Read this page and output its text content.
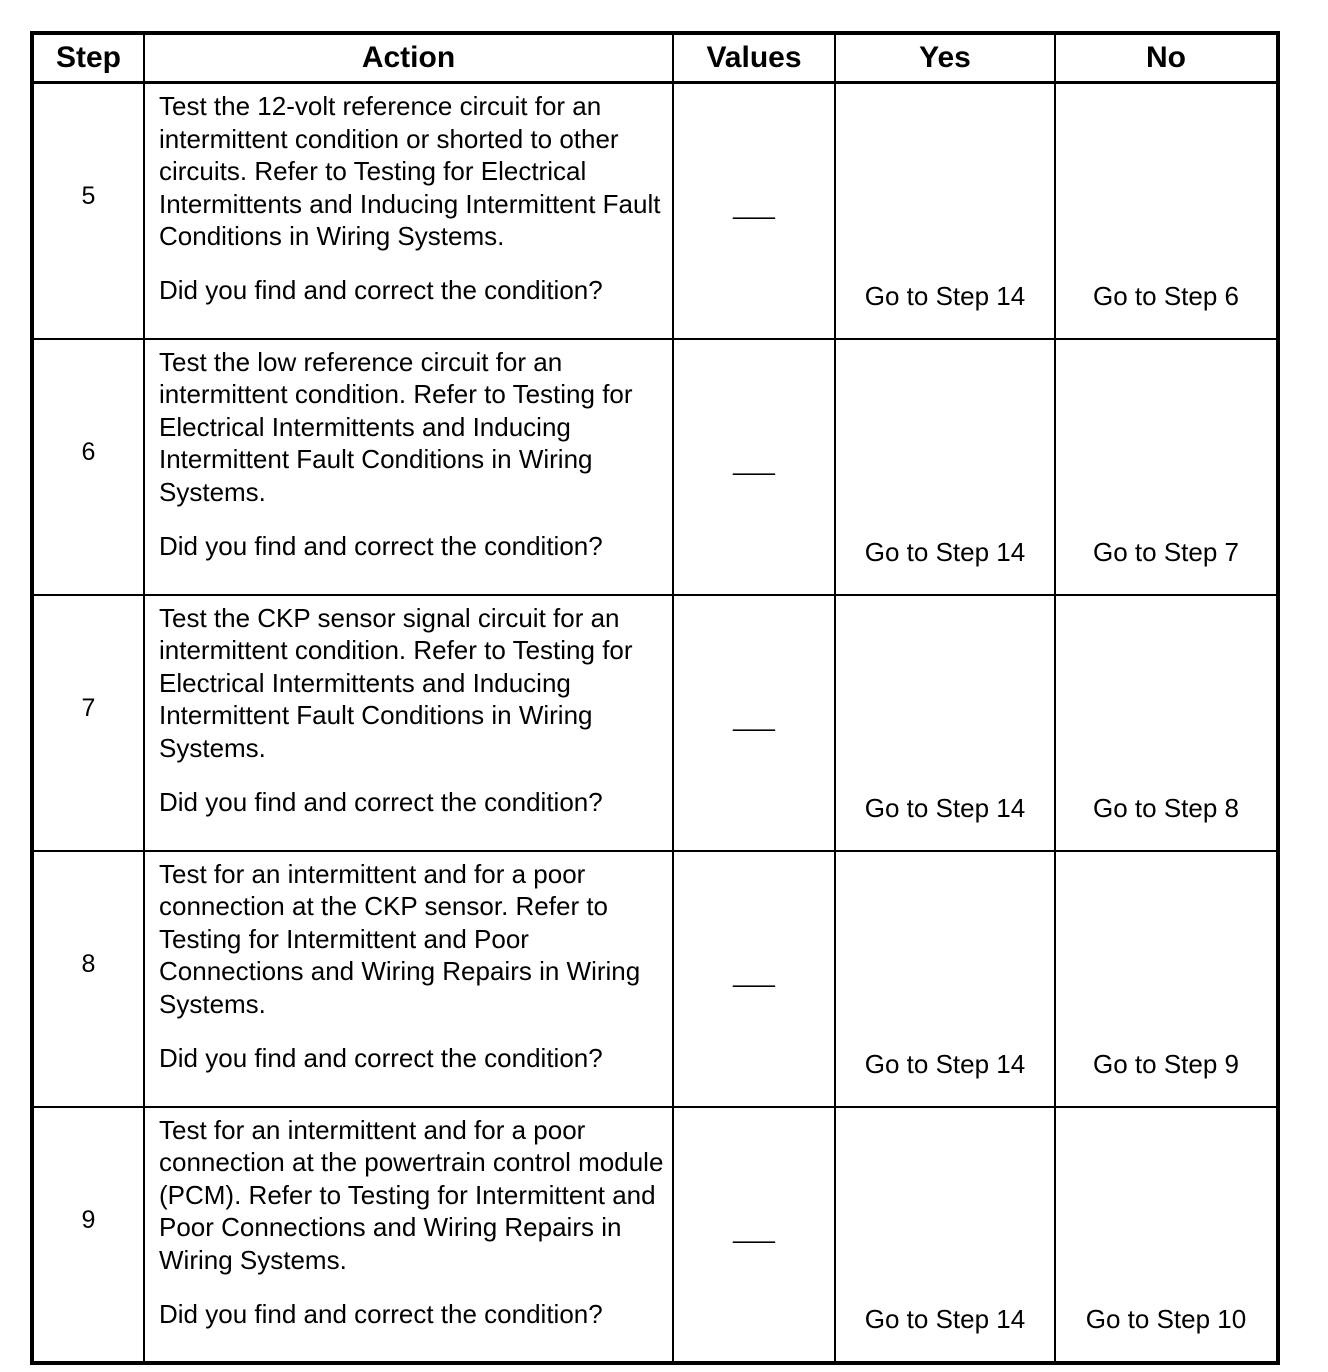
Step	Action	Values	Yes	No
5	Test the 12-volt reference circuit for an intermittent condition or shorted to other circuits. Refer to Testing for Electrical Intermittents and Inducing Intermittent Fault Conditions in Wiring Systems.
Did you find and correct the condition?	___	Go to Step 14	Go to Step 6
6	Test the low reference circuit for an intermittent condition. Refer to Testing for Electrical Intermittents and Inducing Intermittent Fault Conditions in Wiring Systems.
Did you find and correct the condition?	___	Go to Step 14	Go to Step 7
7	Test the CKP sensor signal circuit for an intermittent condition. Refer to Testing for Electrical Intermittents and Inducing Intermittent Fault Conditions in Wiring Systems.
Did you find and correct the condition?	___	Go to Step 14	Go to Step 8
8	Test for an intermittent and for a poor connection at the CKP sensor. Refer to Testing for Intermittent and Poor Connections and Wiring Repairs in Wiring Systems.
Did you find and correct the condition?	___	Go to Step 14	Go to Step 9
9	Test for an intermittent and for a poor connection at the powertrain control module (PCM). Refer to Testing for Intermittent and Poor Connections and Wiring Repairs in Wiring Systems.
Did you find and correct the condition?	___	Go to Step 14	Go to Step 10
